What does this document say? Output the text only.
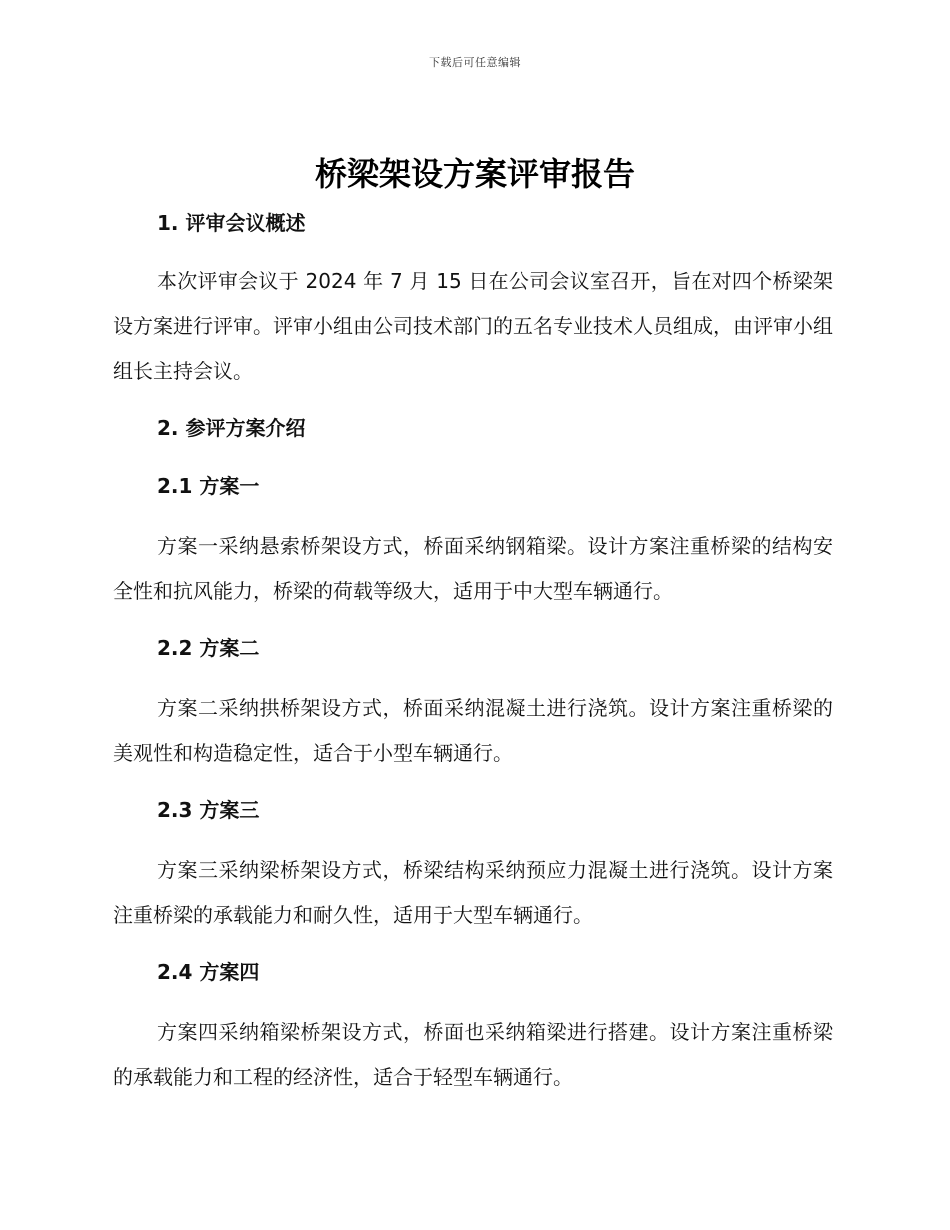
下载后可任意编辑
桥梁架设方案评审报告
1. 评审会议概述

本次评审会议于 2024 年 7 月 15 日在公司会议室召开，旨在对四个桥梁架设方案进行评审。评审小组由公司技术部门的五名专业技术人员组成，由评审小组组长主持会议。

2. 参评方案介绍
2.1 方案一

方案一采纳悬索桥架设方式，桥面采纳钢箱梁。设计方案注重桥梁的结构安全性和抗风能力，桥梁的荷载等级大，适用于中大型车辆通行。

2.2 方案二

方案二采纳拱桥架设方式，桥面采纳混凝土进行浇筑。设计方案注重桥梁的美观性和构造稳定性，适合于小型车辆通行。

2.3 方案三

方案三采纳梁桥架设方式，桥梁结构采纳预应力混凝土进行浇筑。设计方案注重桥梁的承载能力和耐久性，适用于大型车辆通行。

2.4 方案四

方案四采纳箱梁桥架设方式，桥面也采纳箱梁进行搭建。设计方案注重桥梁的承载能力和工程的经济性，适合于轻型车辆通行。
